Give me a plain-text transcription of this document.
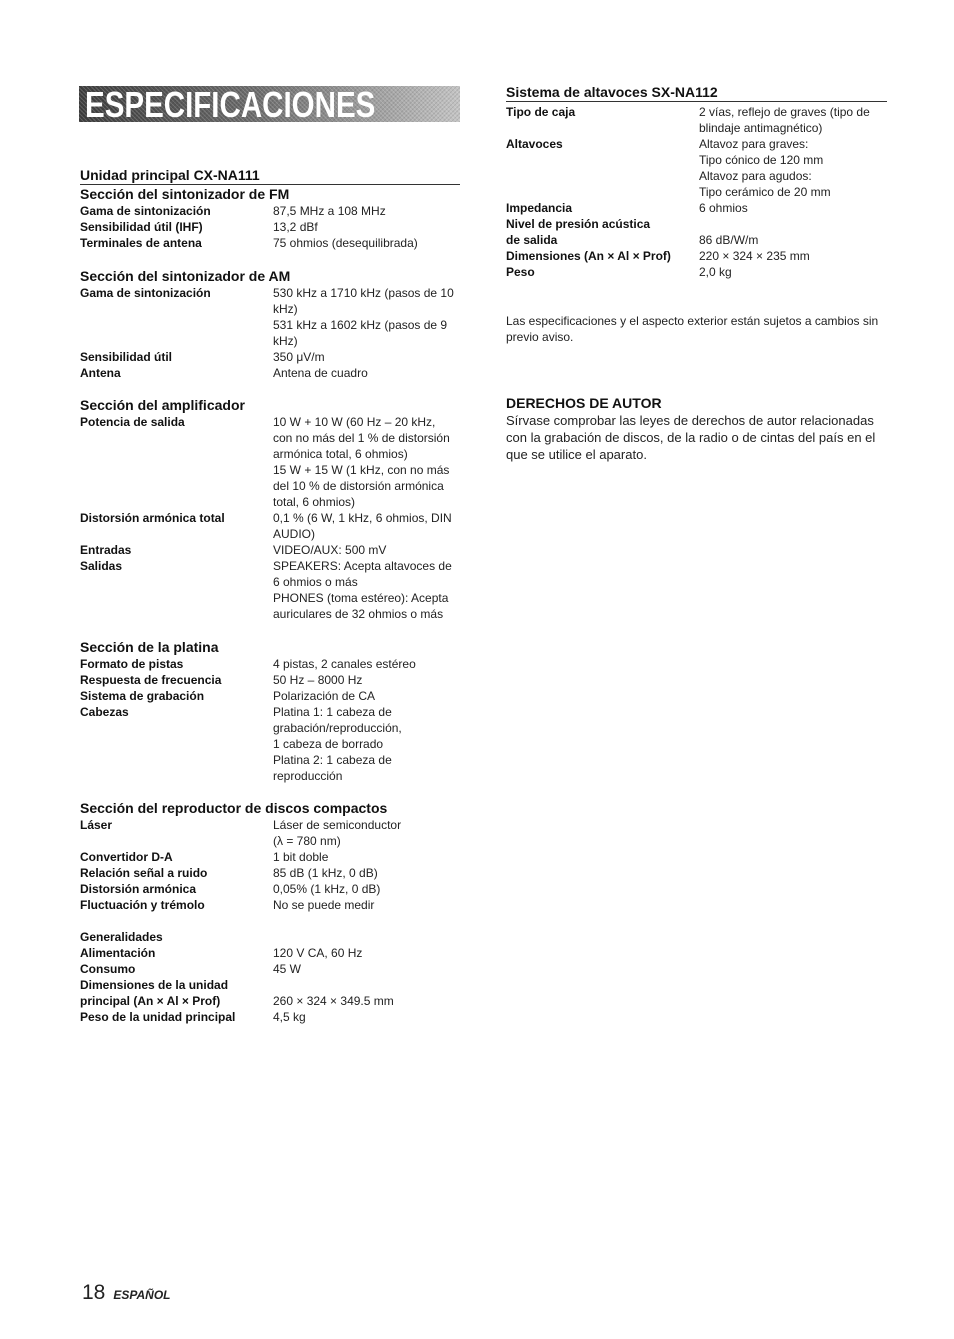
ESPECIFICACIONES
Unidad principal CX-NA111
Sección del sintonizador de FM
Gama de sintonización	87,5 MHz a 108 MHz
Sensibilidad útil (IHF)	13,2 dBf
Terminales de antena	75 ohmios (desequilibrada)
Sección del sintonizador de AM
Gama de sintonización	530 kHz a 1710 kHz (pasos de 10
kHz)
531 kHz a 1602 kHz (pasos de 9
kHz)
Sensibilidad útil	350 μV/m
Antena	Antena de cuadro
Sección del amplificador
Potencia de salida	10 W + 10 W (60 Hz – 20 kHz,
con no más del 1 % de distorsión
armónica total, 6 ohmios)
15 W + 15 W (1 kHz, con no más
del 10 % de distorsión armónica
total, 6 ohmios)
Distorsión armónica total	0,1 % (6 W, 1 kHz, 6 ohmios, DIN
AUDIO)
Entradas	VIDEO/AUX: 500 mV
Salidas	SPEAKERS: Acepta altavoces de
6 ohmios o más
PHONES (toma estéreo): Acepta
auriculares de 32 ohmios o más
Sección de la platina
Formato de pistas	4 pistas, 2 canales estéreo
Respuesta de frecuencia	50 Hz – 8000 Hz
Sistema de grabación	Polarización de CA
Cabezas	Platina 1: 1 cabeza de
grabación/reproducción,
1 cabeza de borrado
Platina 2: 1 cabeza de
reproducción
Sección del reproductor de discos compactos
Láser	Láser de semiconductor
(λ = 780 nm)
Convertidor D-A	1 bit doble
Relación señal a ruido	85 dB (1 kHz, 0 dB)
Distorsión armónica	0,05% (1 kHz, 0 dB)
Fluctuación y trémolo	No se puede medir
Generalidades
Alimentación	120 V CA, 60 Hz
Consumo	45 W
Dimensiones de la unidad
principal (An × Al × Prof)	
260 × 324 × 349.5 mm
Peso de la unidad principal	4,5 kg
Sistema de altavoces SX-NA112
Tipo de caja	2 vías, reflejo de graves (tipo de
blindaje antimagnético)
Altavoces	Altavoz para graves:
Tipo cónico de 120 mm
Altavoz para agudos:
Tipo cerámico de 20 mm
Impedancia	6 ohmios
Nivel de presión acústica
de salida	
86 dB/W/m
Dimensiones (An × Al × Prof)	220 × 324 × 235 mm
Peso	2,0 kg
Las especificaciones y el aspecto exterior están sujetos a cambios sin previo aviso.
DERECHOS DE AUTOR
Sírvase comprobar las leyes de derechos de autor relacionadas con la grabación de discos, de la radio o de cintas del país en el que se utilice el aparato.
18 ESPAÑOL
